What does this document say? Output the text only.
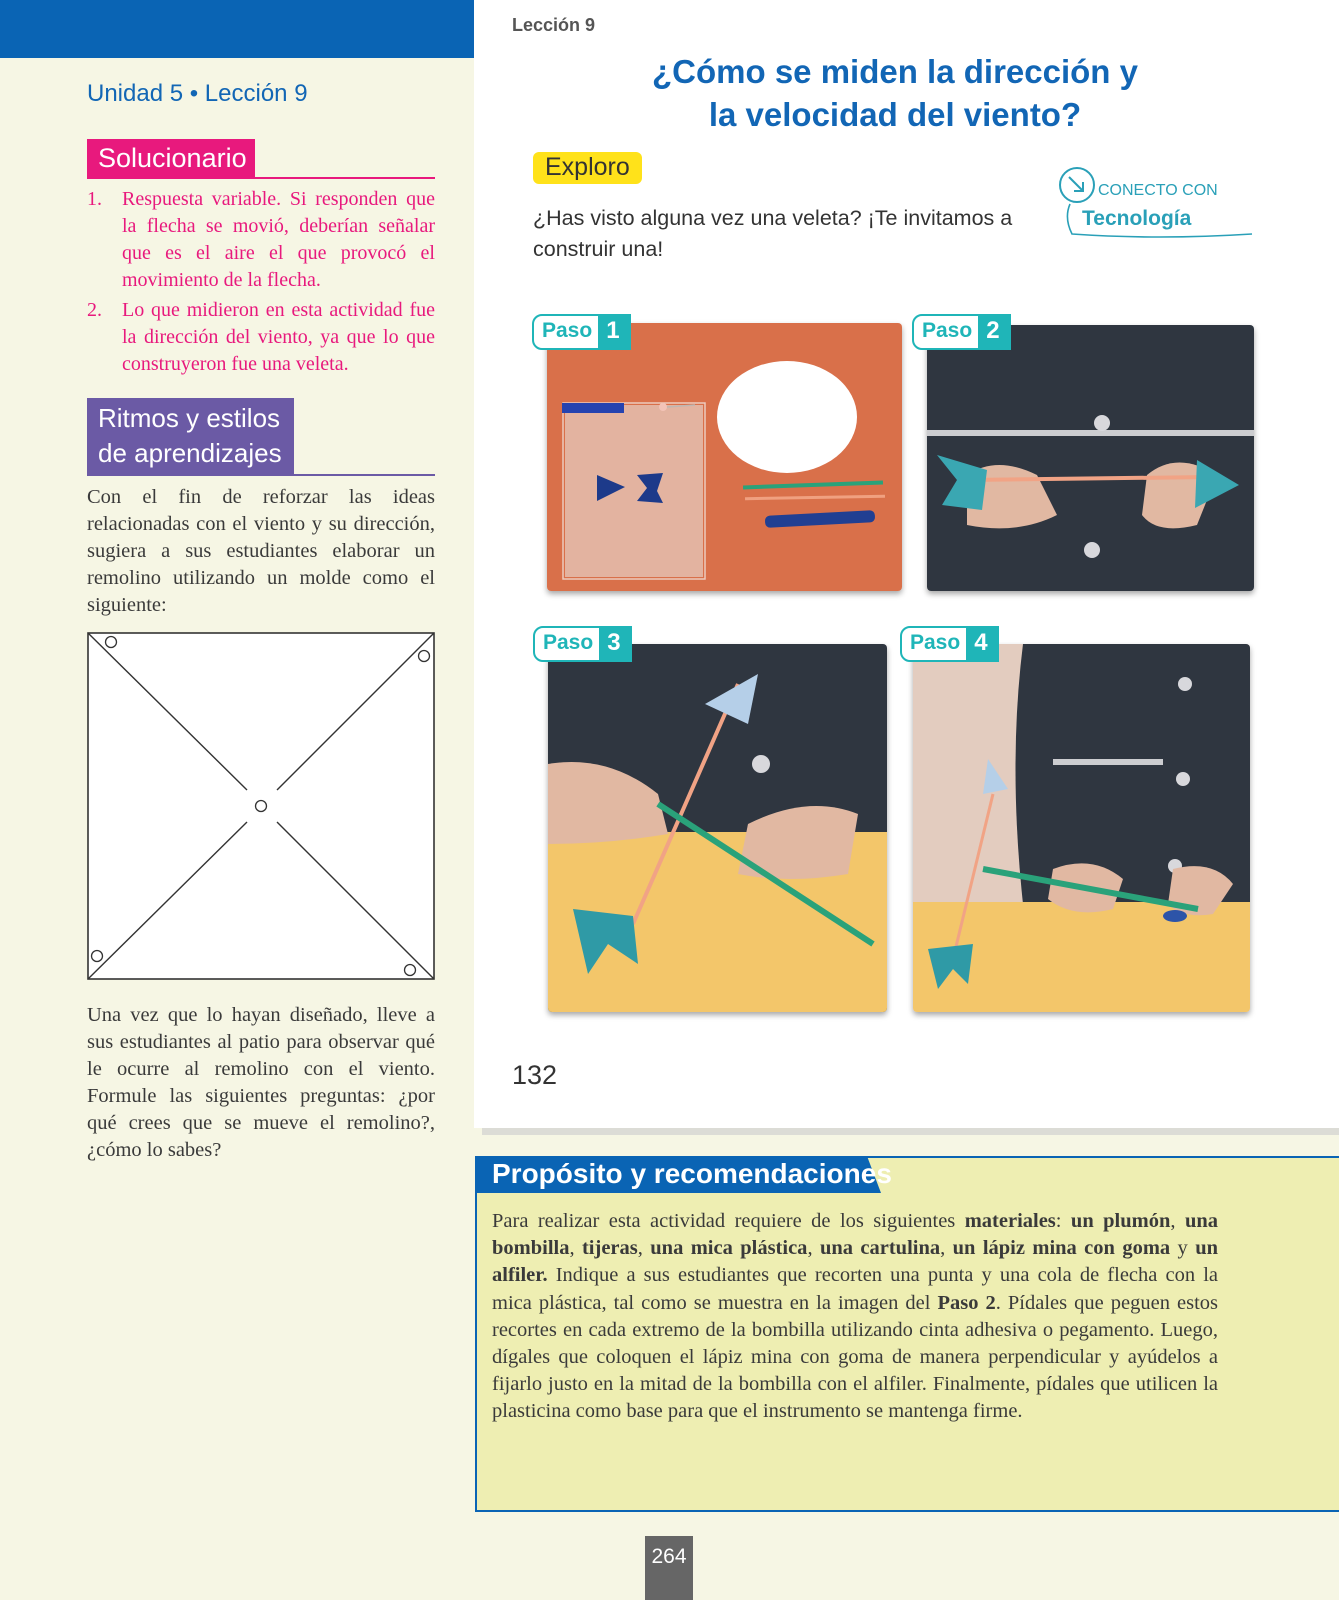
Unidad 5 • Lección 9
Solucionario
1.	Respuesta variable. Si responden que la flecha se movió, deberían señalar que es el aire el que provocó el movimiento de la flecha.
2.	Lo que midieron en esta actividad fue la dirección del viento, ya que lo que construyeron fue una veleta.
Ritmos y estilos
de aprendizajes
Con el fin de reforzar las ideas relacionadas con el viento y su dirección, sugiera a sus estudiantes elaborar un remolino utilizando un molde como el siguiente:
Una vez que lo hayan diseñado, lleve a sus estudiantes al patio para observar qué le ocurre al remolino con el viento. Formule las siguientes preguntas: ¿por qué crees que se mueve el remolino?, ¿cómo lo sabes?
Lección 9
¿Cómo se miden la dirección y
la velocidad del viento?
Exploro
¿Has visto alguna vez una veleta? ¡Te invitamos a construir una!
CONECTO CON
Tecnología
Paso 1	Paso 2
Paso 3	Paso 4
132
Propósito y recomendaciones
Para realizar esta actividad requiere de los siguientes materiales: un plumón, una bombilla, tijeras, una mica plástica, una cartulina, un lápiz mina con goma y un alfiler. Indique a sus estudiantes que recorten una punta y una cola de flecha con la mica plástica, tal como se muestra en la imagen del Paso 2. Pídales que peguen estos recortes en cada extremo de la bombilla utilizando cinta adhesiva o pegamento. Luego, dígales que coloquen el lápiz mina con goma de manera perpendicular y ayúdelos a fijarlo justo en la mitad de la bombilla con el alfiler. Finalmente, pídales que utilicen la plasticina como base para que el instrumento se mantenga firme.
264
